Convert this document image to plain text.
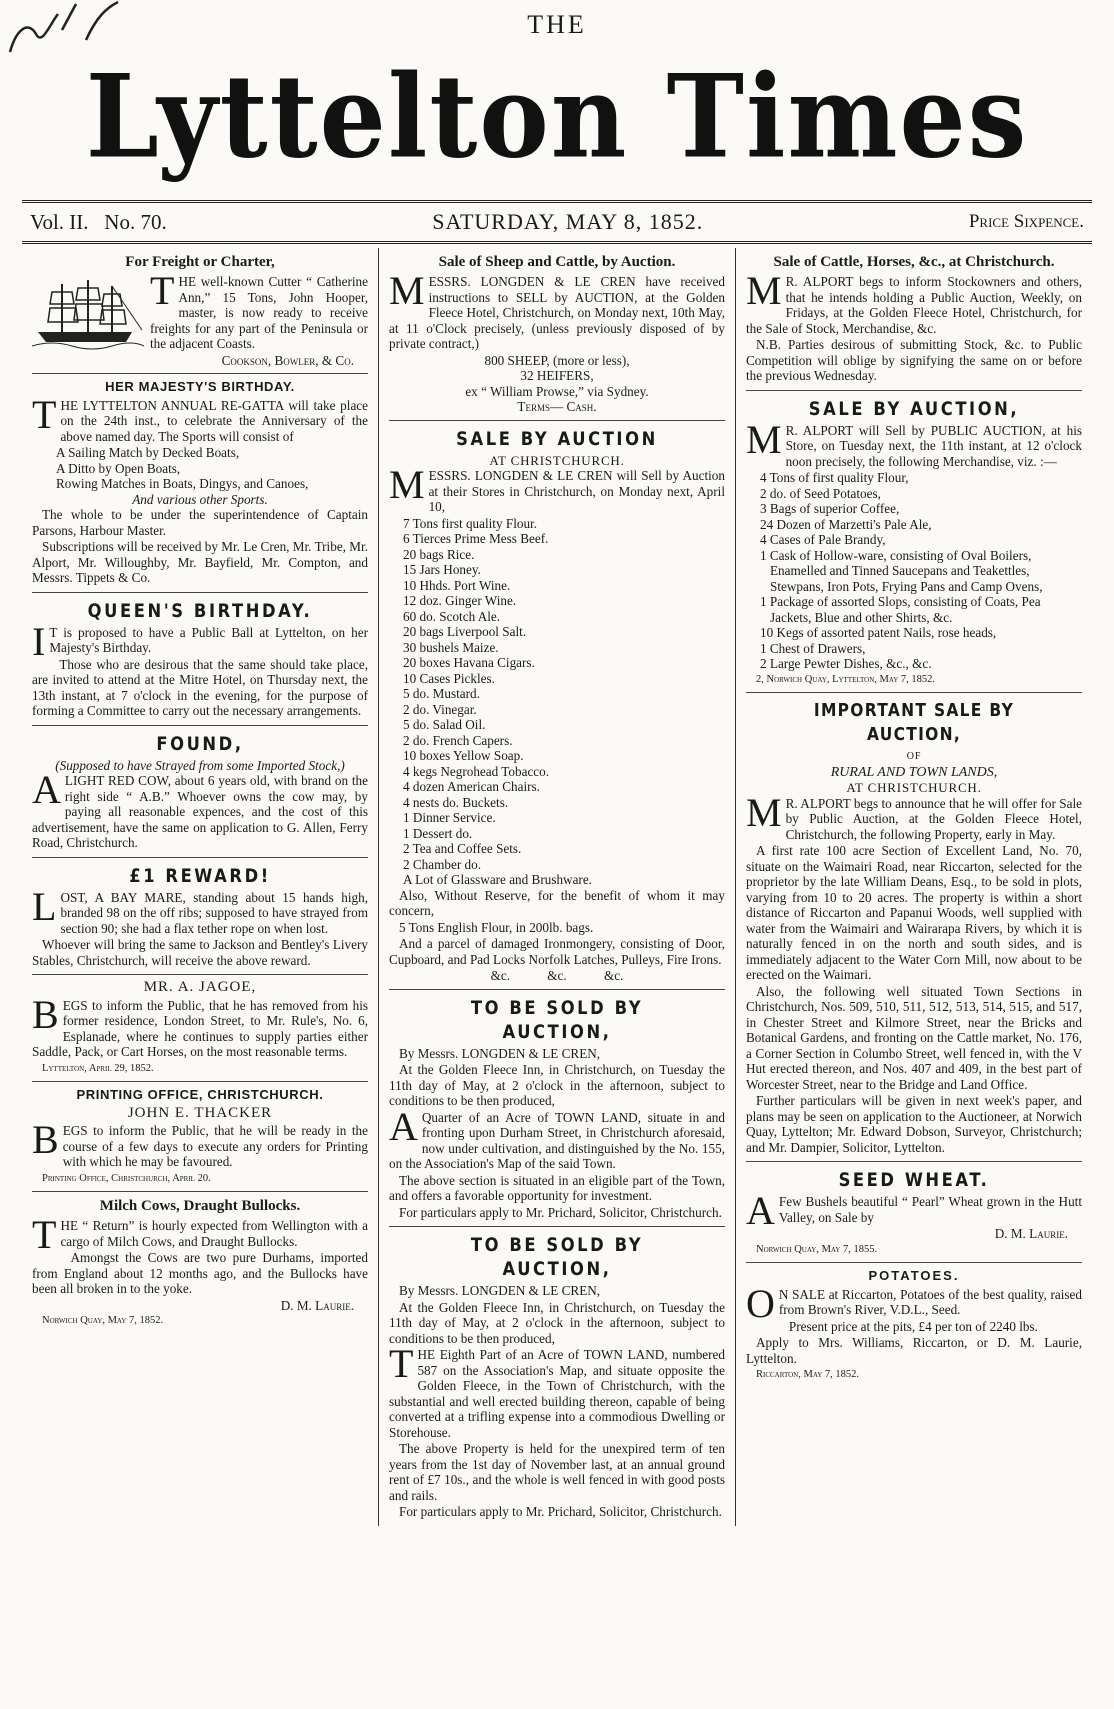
THE
Lyttelton Times
Vol. II. No. 70.	SATURDAY, MAY 8, 1852.	Price Sixpence.
For Freight or Charter,

THE well-known Cutter “ Catherine Ann,” 15 Tons, John Hooper, master, is now ready to receive freights for any part of the Peninsula or the adjacent Coasts.

Cookson, Bowler, & Co.
HER MAJESTY'S BIRTHDAY.

THE LYTTELTON ANNUAL RE-GATTA will take place on the 24th inst., to celebrate the Anniversary of the above named day. The Sports will consist of

A Sailing Match by Decked Boats,
A Ditto by Open Boats,
Rowing Matches in Boats, Dingys, and Canoes,
And various other Sports.

The whole to be under the superintendence of Captain Parsons, Harbour Master.

Subscriptions will be received by Mr. Le Cren, Mr. Tribe, Mr. Alport, Mr. Willoughby, Mr. Bayfield, Mr. Compton, and Messrs. Tippets & Co.

QUEEN'S BIRTHDAY.

I T is proposed to have a Public Ball at Lyttelton, on her Majesty's Birthday.

Those who are desirous that the same should take place, are invited to attend at the Mitre Hotel, on Thursday next, the 13th instant, at 7 o'clock in the evening, for the purpose of forming a Committee to carry out the necessary arrangements.

FOUND,
(Supposed to have Strayed from some Imported Stock,)

ALIGHT RED COW, about 6 years old, with brand on the right side “ A.B.” Whoever owns the cow may, by paying all reasonable expences, and the cost of this advertisement, have the same on application to G. Allen, Ferry Road, Christchurch.

£1 REWARD!

LOST, A BAY MARE, standing about 15 hands high, branded 98 on the off ribs; supposed to have strayed from section 90; she had a flax tether rope on when lost.

Whoever will bring the same to Jackson and Bentley's Livery Stables, Christchurch, will receive the above reward.

MR. A. JAGOE,

BEGS to inform the Public, that he has removed from his former residence, London Street, to Mr. Rule's, No. 6, Esplanade, where he continues to supply parties either Saddle, Pack, or Cart Horses, on the most reasonable terms.

Lyttelton, April 29, 1852.
PRINTING OFFICE, CHRISTCHURCH.
JOHN E. THACKER

BEGS to inform the Public, that he will be ready in the course of a few days to execute any orders for Printing with which he may be favoured.

Printing Office, Christchurch, April 20.
Milch Cows, Draught Bullocks.

THE “ Return” is hourly expected from Wellington with a cargo of Milch Cows, and Draught Bullocks.

Amongst the Cows are two pure Durhams, imported from England about 12 months ago, and the Bullocks have been all broken in to the yoke.

D. M. Laurie.
Norwich Quay, May 7, 1852.
Sale of Sheep and Cattle, by Auction.

MESSRS. LONGDEN & LE CREN have received instructions to SELL by AUCTION, at the Golden Fleece Hotel, Christchurch, on Monday next, 10th May, at 11 o'Clock precisely, (unless previously disposed of by private contract,)

800 SHEEP, (more or less),
32 HEIFERS,
ex “ William Prowse,” via Sydney.
Terms— Cash.
SALE BY AUCTION
AT CHRISTCHURCH.

MESSRS. LONGDEN & LE CREN will Sell by Auction at their Stores in Christchurch, on Monday next, April 10,

7 Tons first quality Flour.
6 Tierces Prime Mess Beef.
20 bags Rice.
15 Jars Honey.
10 Hhds. Port Wine.
12 doz. Ginger Wine.
60 do. Scotch Ale.
20 bags Liverpool Salt.
30 bushels Maize.
20 boxes Havana Cigars.
10 Cases Pickles.
5 do. Mustard.
2 do. Vinegar.
5 do. Salad Oil.
2 do. French Capers.
10 boxes Yellow Soap.
4 kegs Negrohead Tobacco.
4 dozen American Chairs.
4 nests do. Buckets.
1 Dinner Service.
1 Dessert do.
2 Tea and Coffee Sets.
2 Chamber do.
A Lot of Glassware and Brushware.

Also, Without Reserve, for the benefit of whom it may concern,

5 Tons English Flour, in 200lb. bags.

And a parcel of damaged Ironmongery, consisting of Door, Cupboard, and Pad Locks Norfolk Latches, Pulleys, Fire Irons.

&c. &c. &c.
TO BE SOLD BY AUCTION,

By Messrs. LONGDEN & LE CREN,

At the Golden Fleece Inn, in Christchurch, on Tuesday the 11th day of May, at 2 o'clock in the afternoon, subject to conditions to be then produced,

A Quarter of an Acre of TOWN LAND, situate in and fronting upon Durham Street, in Christchurch aforesaid, now under cultivation, and distinguished by the No. 155, on the Association's Map of the said Town.

The above section is situated in an eligible part of the Town, and offers a favorable opportunity for investment.

For particulars apply to Mr. Prichard, Solicitor, Christchurch.

TO BE SOLD BY AUCTION,

By Messrs. LONGDEN & LE CREN,

At the Golden Fleece Inn, in Christchurch, on Tuesday the 11th day of May, at 2 o'clock in the afternoon, subject to conditions to be then produced,

THE Eighth Part of an Acre of TOWN LAND, numbered 587 on the Association's Map, and situate opposite the Golden Fleece, in the Town of Christchurch, with the substantial and well erected building thereon, capable of being converted at a trifling expense into a commodious Dwelling or Storehouse.

The above Property is held for the unexpired term of ten years from the 1st day of November last, at an annual ground rent of £7 10s., and the whole is well fenced in with good posts and rails.

For particulars apply to Mr. Prichard, Solicitor, Christchurch.

Sale of Cattle, Horses, &c., at Christchurch.

M R. ALPORT begs to inform Stockowners and others, that he intends holding a Public Auction, Weekly, on Fridays, at the Golden Fleece Hotel, Christchurch, for the Sale of Stock, Merchandise, &c.

N.B. Parties desirous of submitting Stock, &c. to Public Competition will oblige by signifying the same on or before the previous Wednesday.

SALE BY AUCTION,

M R. ALPORT will Sell by PUBLIC AUCTION, at his Store, on Tuesday next, the 11th instant, at 12 o'clock noon precisely, the following Merchandise, viz. :—

4 Tons of first quality Flour,
2 do. of Seed Potatoes,
3 Bags of superior Coffee,
24 Dozen of Marzetti's Pale Ale,
4 Cases of Pale Brandy,
1 Cask of Hollow-ware, consisting of Oval Boilers, Enamelled and Tinned Saucepans and Teakettles, Stewpans, Iron Pots, Frying Pans and Camp Ovens,
1 Package of assorted Slops, consisting of Coats, Pea Jackets, Blue and other Shirts, &c.
10 Kegs of assorted patent Nails, rose heads,
1 Chest of Drawers,
2 Large Pewter Dishes, &c., &c.
2, Norwich Quay, Lyttelton, May 7, 1852.
IMPORTANT SALE BY AUCTION,
OF
RURAL AND TOWN LANDS,
AT CHRISTCHURCH.

M R. ALPORT begs to announce that he will offer for Sale by Public Auction, at the Golden Fleece Hotel, Christchurch, the following Property, early in May.

A first rate 100 acre Section of Excellent Land, No. 70, situate on the Waimairi Road, near Riccarton, selected for the proprietor by the late William Deans, Esq., to be sold in plots, varying from 10 to 20 acres. The property is within a short distance of Riccarton and Papanui Woods, well supplied with water from the Waimairi and Wairarapa Rivers, by which it is naturally fenced in on the north and south sides, and is immediately adjacent to the Water Corn Mill, now about to be erected on the Waimari.

Also, the following well situated Town Sections in Christchurch, Nos. 509, 510, 511, 512, 513, 514, 515, and 517, in Chester Street and Kilmore Street, near the Bricks and Botanical Gardens, and fronting on the Cattle market, No. 176, a Corner Section in Columbo Street, well fenced in, with the V Hut erected thereon, and Nos. 407 and 409, in the best part of Worcester Street, near to the Bridge and Land Office.

Further particulars will be given in next week's paper, and plans may be seen on application to the Auctioneer, at Norwich Quay, Lyttelton; Mr. Edward Dobson, Surveyor, Christchurch; and Mr. Dampier, Solicitor, Lyttelton.

SEED WHEAT.

A Few Bushels beautiful “ Pearl” Wheat grown in the Hutt Valley, on Sale by

D. M. Laurie.
Norwich Quay, May 7, 1855.
POTATOES.

O N SALE at Riccarton, Potatoes of the best quality, raised from Brown's River, V.D.L., Seed.

Present price at the pits, £4 per ton of 2240 lbs.

Apply to Mrs. Williams, Riccarton, or D. M. Laurie, Lyttelton.

Riccarton, May 7, 1852.
